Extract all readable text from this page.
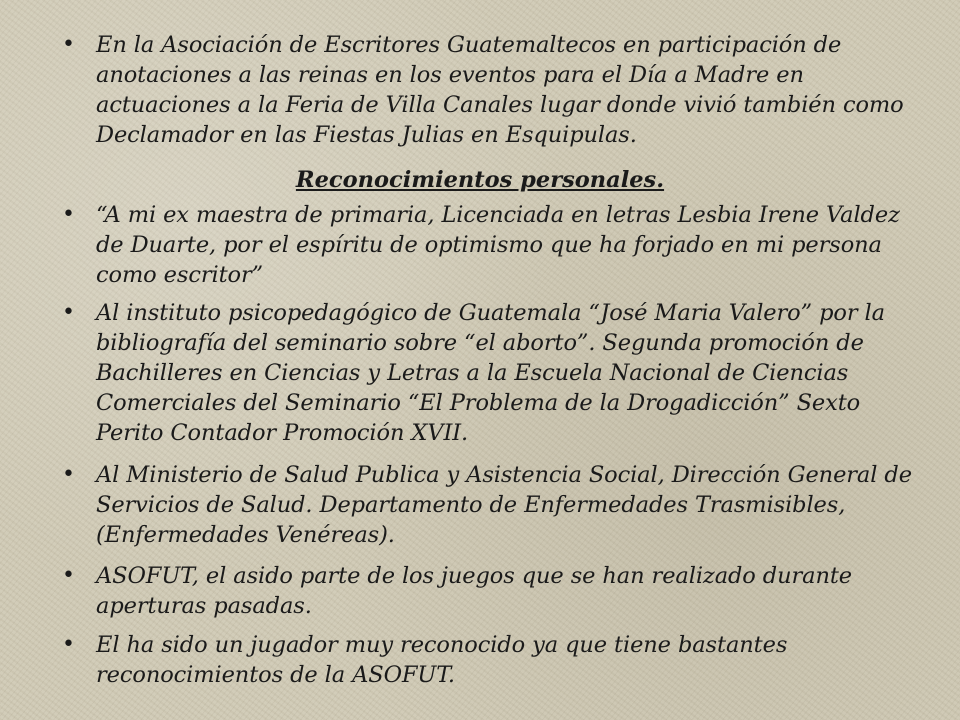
• En la Asociación de Escritores Guatemaltecos en participación de anotaciones a las reinas en los eventos para el Día a Madre en actuaciones a la Feria de Villa Canales lugar donde vivió también como Declamador en las Fiestas Julias en Esquipulas.
Reconocimientos personales.
• “A mi ex maestra de primaria, Licenciada en letras Lesbia Irene Valdez de Duarte, por el espíritu de optimismo que ha forjado en mi persona como escritor”
• Al instituto psicopedagógico de Guatemala “José Maria Valero” por la bibliografía del seminario sobre “el aborto”. Segunda promoción de Bachilleres en Ciencias y Letras a la Escuela Nacional de Ciencias Comerciales del Seminario “El Problema de la Drogadicción” Sexto Perito Contador Promoción XVII.
• Al Ministerio de Salud Publica y Asistencia Social, Dirección General de Servicios de Salud. Departamento de Enfermedades Trasmisibles, (Enfermedades Venéreas).
• ASOFUT, el asido parte de los juegos que se han realizado durante aperturas pasadas.
• El ha sido un jugador muy reconocido ya que tiene bastantes reconocimientos de la ASOFUT.
